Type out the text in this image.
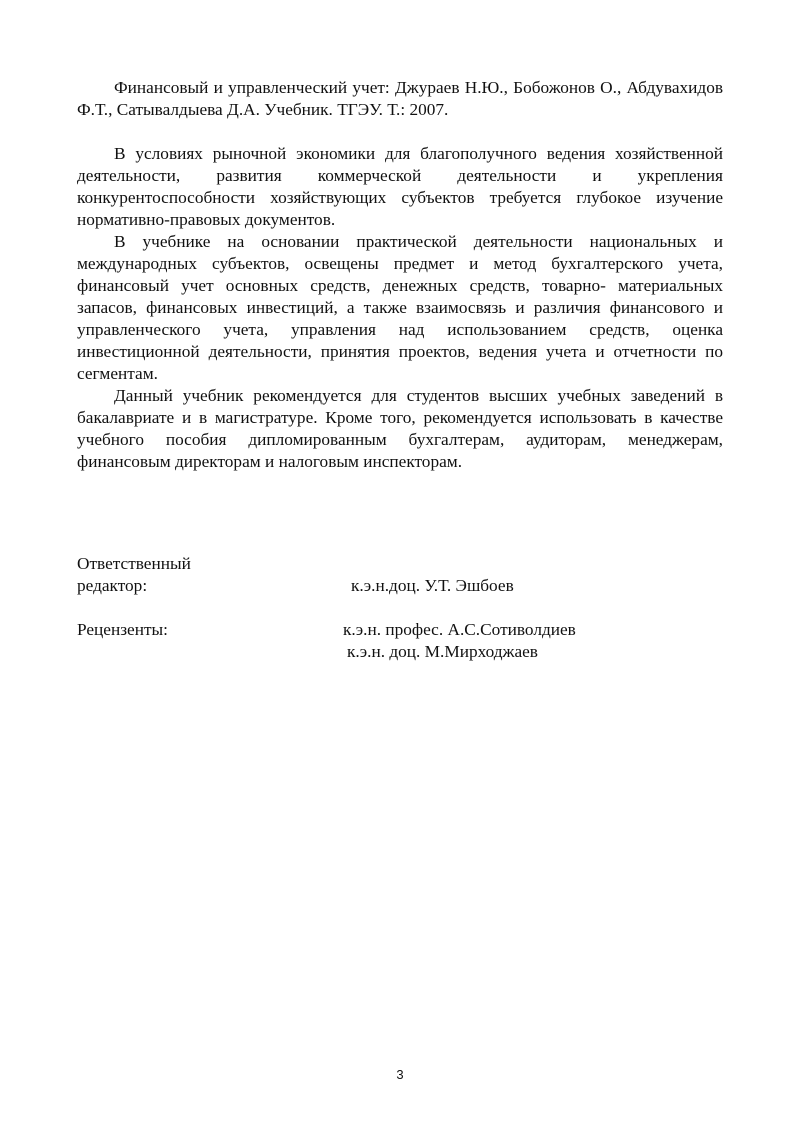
Финансовый и управленческий учет: Джураев Н.Ю., Бобожонов О., Абдувахидов Ф.Т., Сатывалдыева Д.А. Учебник. ТГЭУ. Т.: 2007.

В условиях рыночной экономики для благополучного ведения хозяйственной деятельности, развития коммерческой деятельности и укрепления конкурентоспособности хозяйствующих субъектов требуется глубокое изучение нормативно-правовых документов.

В учебнике на основании практической деятельности национальных и международных субъектов, освещены предмет и метод бухгалтерского учета, финансовый учет основных средств, денежных средств, товарно- материальных запасов, финансовых инвестиций, а также взаимосвязь и различия финансового и управленческого учета, управления над использованием средств, оценка инвестиционной деятельности, принятия проектов, ведения учета и отчетности по сегментам.

Данный учебник рекомендуется для студентов высших учебных заведений в бакалавриате и в магистратуре. Кроме того, рекомендуется использовать в качестве учебного пособия дипломированным бухгалтерам, аудиторам, менеджерам, финансовым директорам и налоговым инспекторам.

Ответственный
редактор:	к.э.н.доц. У.Т. Эшбоев
Рецензенты:	к.э.н. профес. А.С.Сотиволдиев
к.э.н. доц. М.Мирходжаев
3
